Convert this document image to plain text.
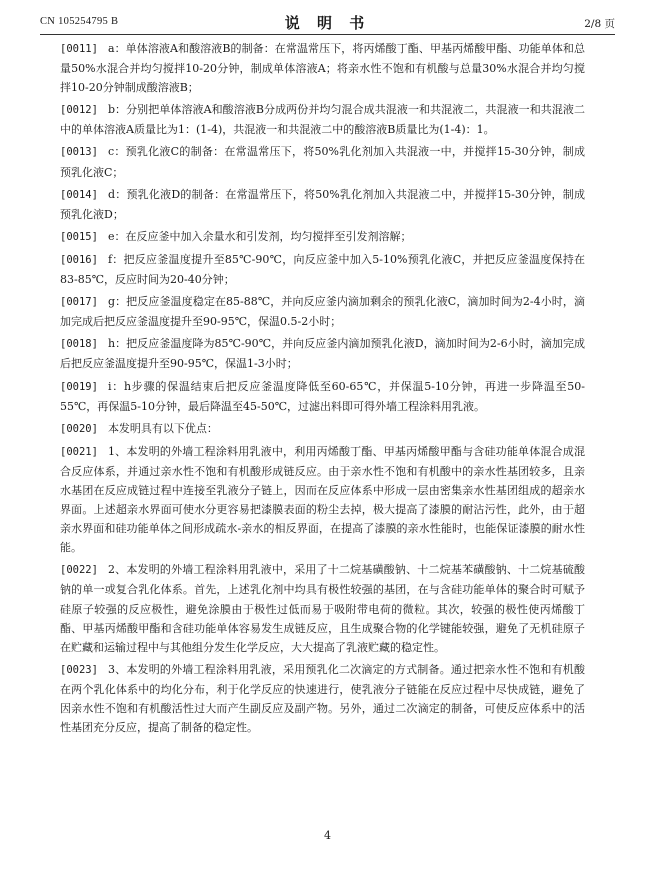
CN 105254795 B	说 明 书	2/8 页

[0011] a：单体溶液A和酸溶液B的制备：在常温常压下，将丙烯酸丁酯、甲基丙烯酸甲酯、功能单体和总量50%水混合并均匀搅拌10-20分钟，制成单体溶液A；将亲水性不饱和有机酸与总量30%水混合并均匀搅拌10-20分钟制成酸溶液B；

[0012] b：分别把单体溶液A和酸溶液B分成两份并均匀混合成共混液一和共混液二，共混液一和共混液二中的单体溶液A质量比为1：(1-4)，共混液一和共混液二中的酸溶液B质量比为(1-4)：1。

[0013] c：预乳化液C的制备：在常温常压下，将50%乳化剂加入共混液一中，并搅拌15-30分钟，制成预乳化液C；

[0014] d：预乳化液D的制备：在常温常压下，将50%乳化剂加入共混液二中，并搅拌15-30分钟，制成预乳化液D；

[0015] e：在反应釜中加入余量水和引发剂，均匀搅拌至引发剂溶解；

[0016] f：把反应釜温度提升至85℃-90℃，向反应釜中加入5-10%预乳化液C，并把反应釜温度保持在83-85℃，反应时间为20-40分钟；

[0017] g：把反应釜温度稳定在85-88℃，并向反应釜内滴加剩余的预乳化液C，滴加时间为2-4小时，滴加完成后把反应釜温度提升至90-95℃，保温0.5-2小时；

[0018] h：把反应釜温度降为85℃-90℃，并向反应釜内滴加预乳化液D，滴加时间为2-6小时，滴加完成后把反应釜温度提升至90-95℃，保温1-3小时；

[0019] i：h步骤的保温结束后把反应釜温度降低至60-65℃，并保温5-10分钟，再进一步降温至50-55℃，再保温5-10分钟，最后降温至45-50℃，过滤出料即可得外墙工程涂料用乳液。

[0020] 本发明具有以下优点：

[0021] 1、本发明的外墙工程涂料用乳液中，利用丙烯酸丁酯、甲基丙烯酸甲酯与含硅功能单体混合成混合反应体系，并通过亲水性不饱和有机酸形成链反应。由于亲水性不饱和有机酸中的亲水性基团较多，且亲水基团在反应成链过程中连接至乳液分子链上，因而在反应体系中形成一层由密集亲水性基团组成的超亲水界面。上述超亲水界面可使水分更容易把漆膜表面的粉尘去掉，极大提高了漆膜的耐沾污性，此外，由于超亲水界面和硅功能单体之间形成疏水-亲水的相反界面，在提高了漆膜的亲水性能时，也能保证漆膜的耐水性能。

[0022] 2、本发明的外墙工程涂料用乳液中，采用了十二烷基磺酸钠、十二烷基苯磺酸钠、十二烷基硫酸钠的单一或复合乳化体系。首先，上述乳化剂中均具有极性较强的基团，在与含硅功能单体的聚合时可赋予硅原子较强的反应极性，避免涂膜由于极性过低而易于吸附带电荷的微粒。其次，较强的极性使丙烯酸丁酯、甲基丙烯酸甲酯和含硅功能单体容易发生成链反应，且生成聚合物的化学键能较强，避免了无机硅原子在贮藏和运输过程中与其他组分发生化学反应，大大提高了乳液贮藏的稳定性。

[0023] 3、本发明的外墙工程涂料用乳液，采用预乳化二次滴定的方式制备。通过把亲水性不饱和有机酸在两个乳化体系中的均化分布，利于化学反应的快速进行，使乳液分子链能在反应过程中尽快成链，避免了因亲水性不饱和有机酸活性过大而产生副反应及副产物。另外，通过二次滴定的制备，可使反应体系中的活性基团充分反应，提高了制备的稳定性。

4
